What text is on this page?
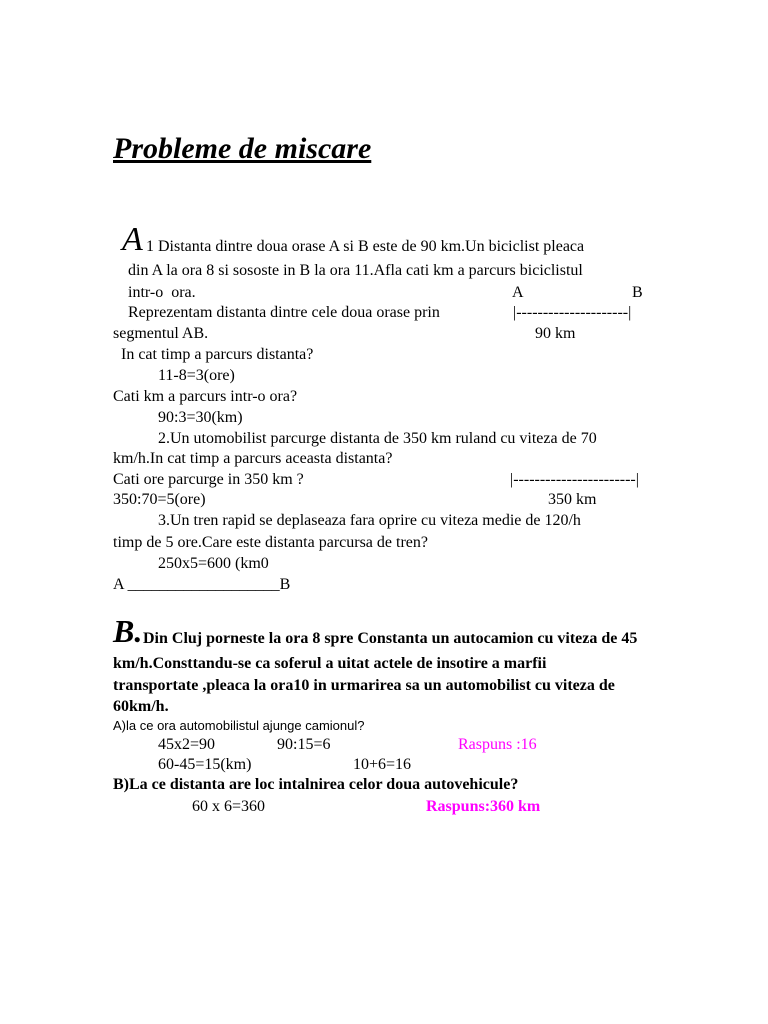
Probleme de miscare
A 1 Distanta dintre doua orase A si B este de 90 km.Un biciclist pleaca
din A la ora 8 si sososte in B la ora 11.Afla cati km a parcurs biciclistul
intr-o  ora.	A	B
Reprezentam distanta dintre cele doua orase prin	|---------------------|
segmentul AB.	90 km
In cat timp a parcurs distanta?
11-8=3(ore)
Cati km a parcurs intr-o ora?
90:3=30(km)
2.Un utomobilist parcurge distanta de 350 km ruland cu viteza de 70
km/h.In cat timp a parcurs aceasta distanta?
Cati ore parcurge in 350 km ?	|-----------------------|
350:70=5(ore)	350 km
3.Un tren rapid se deplaseaza fara oprire cu viteza medie de 120/h
timp de 5 ore.Care este distanta parcursa de tren?
250x5=600 (km0
A ___________________B
B. Din Cluj porneste la ora 8 spre Constanta un autocamion cu viteza de 45
km/h.Consttandu-se ca soferul a uitat actele de insotire a marfii
transportate ,pleaca la ora10 in urmarirea sa un automobilist cu viteza de
60km/h.
A)la ce ora automobilistul ajunge camionul?
45x2=90	90:15=6	Raspuns :16
60-45=15(km)	10+6=16
B)La ce distanta are loc intalnirea celor doua autovehicule?
60 x 6=360	Raspuns:360 km
